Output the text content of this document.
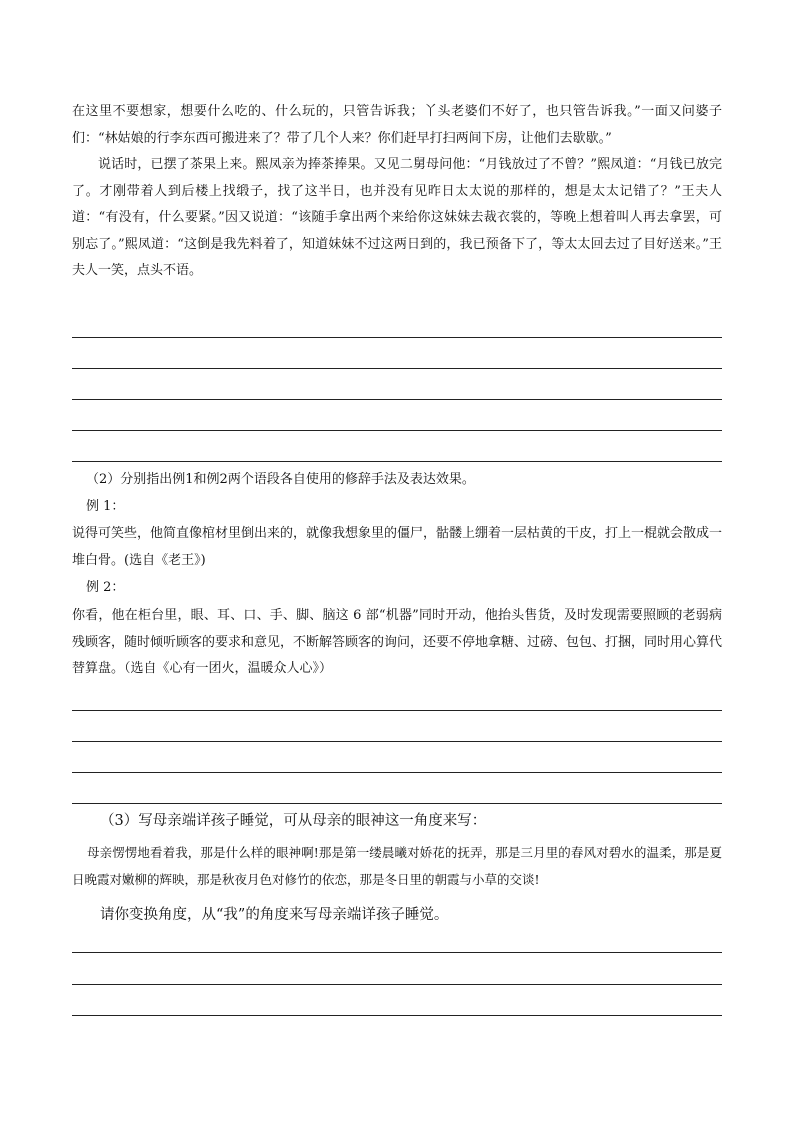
在这里不要想家，想要什么吃的、什么玩的，只管告诉我；丫头老婆们不好了，也只管告诉我。”一面又问婆子们：“林姑娘的行李东西可搬进来了？带了几个人来？你们赶早打扫两间下房，让他们去歇歇。”

说话时，已摆了茶果上来。熙凤亲为捧茶捧果。又见二舅母问他：“月钱放过了不曾？”熙凤道：“月钱已放完了。才刚带着人到后楼上找缎子，找了这半日，也并没有见昨日太太说的那样的，想是太太记错了？”王夫人道：“有没有，什么要紧。”因又说道：“该随手拿出两个来给你这妹妹去裁衣裳的，等晚上想着叫人再去拿罢，可别忘了。”熙凤道：“这倒是我先料着了，知道妹妹不过这两日到的，我已预备下了，等太太回去过了目好送来。”王夫人一笑，点头不语。

（2）分别指出例1和例2两个语段各自使用的修辞手法及表达效果。

例 1：

说得可笑些，他简直像棺材里倒出来的，就像我想象里的僵尸，骷髅上绷着一层枯黄的干皮，打上一棍就会散成一堆白骨。(选自《老王》)

例 2：

你看，他在柜台里，眼、耳、口、手、脚、脑这 6 部“机器”同时开动，他抬头售货，及时发现需要照顾的老弱病残顾客，随时倾听顾客的要求和意见，不断解答顾客的询问，还要不停地拿糖、过磅、包包、打捆，同时用心算代替算盘。（选自《心有一团火，温暖众人心》）

（3）写母亲端详孩子睡觉，可从母亲的眼神这一角度来写：

母亲愣愣地看着我，那是什么样的眼神啊!那是第一缕晨曦对娇花的抚弄，那是三月里的春风对碧水的温柔，那是夏日晚霞对嫩柳的辉映，那是秋夜月色对修竹的依恋，那是冬日里的朝霞与小草的交谈!

请你变换角度，从“我”的角度来写母亲端详孩子睡觉。
